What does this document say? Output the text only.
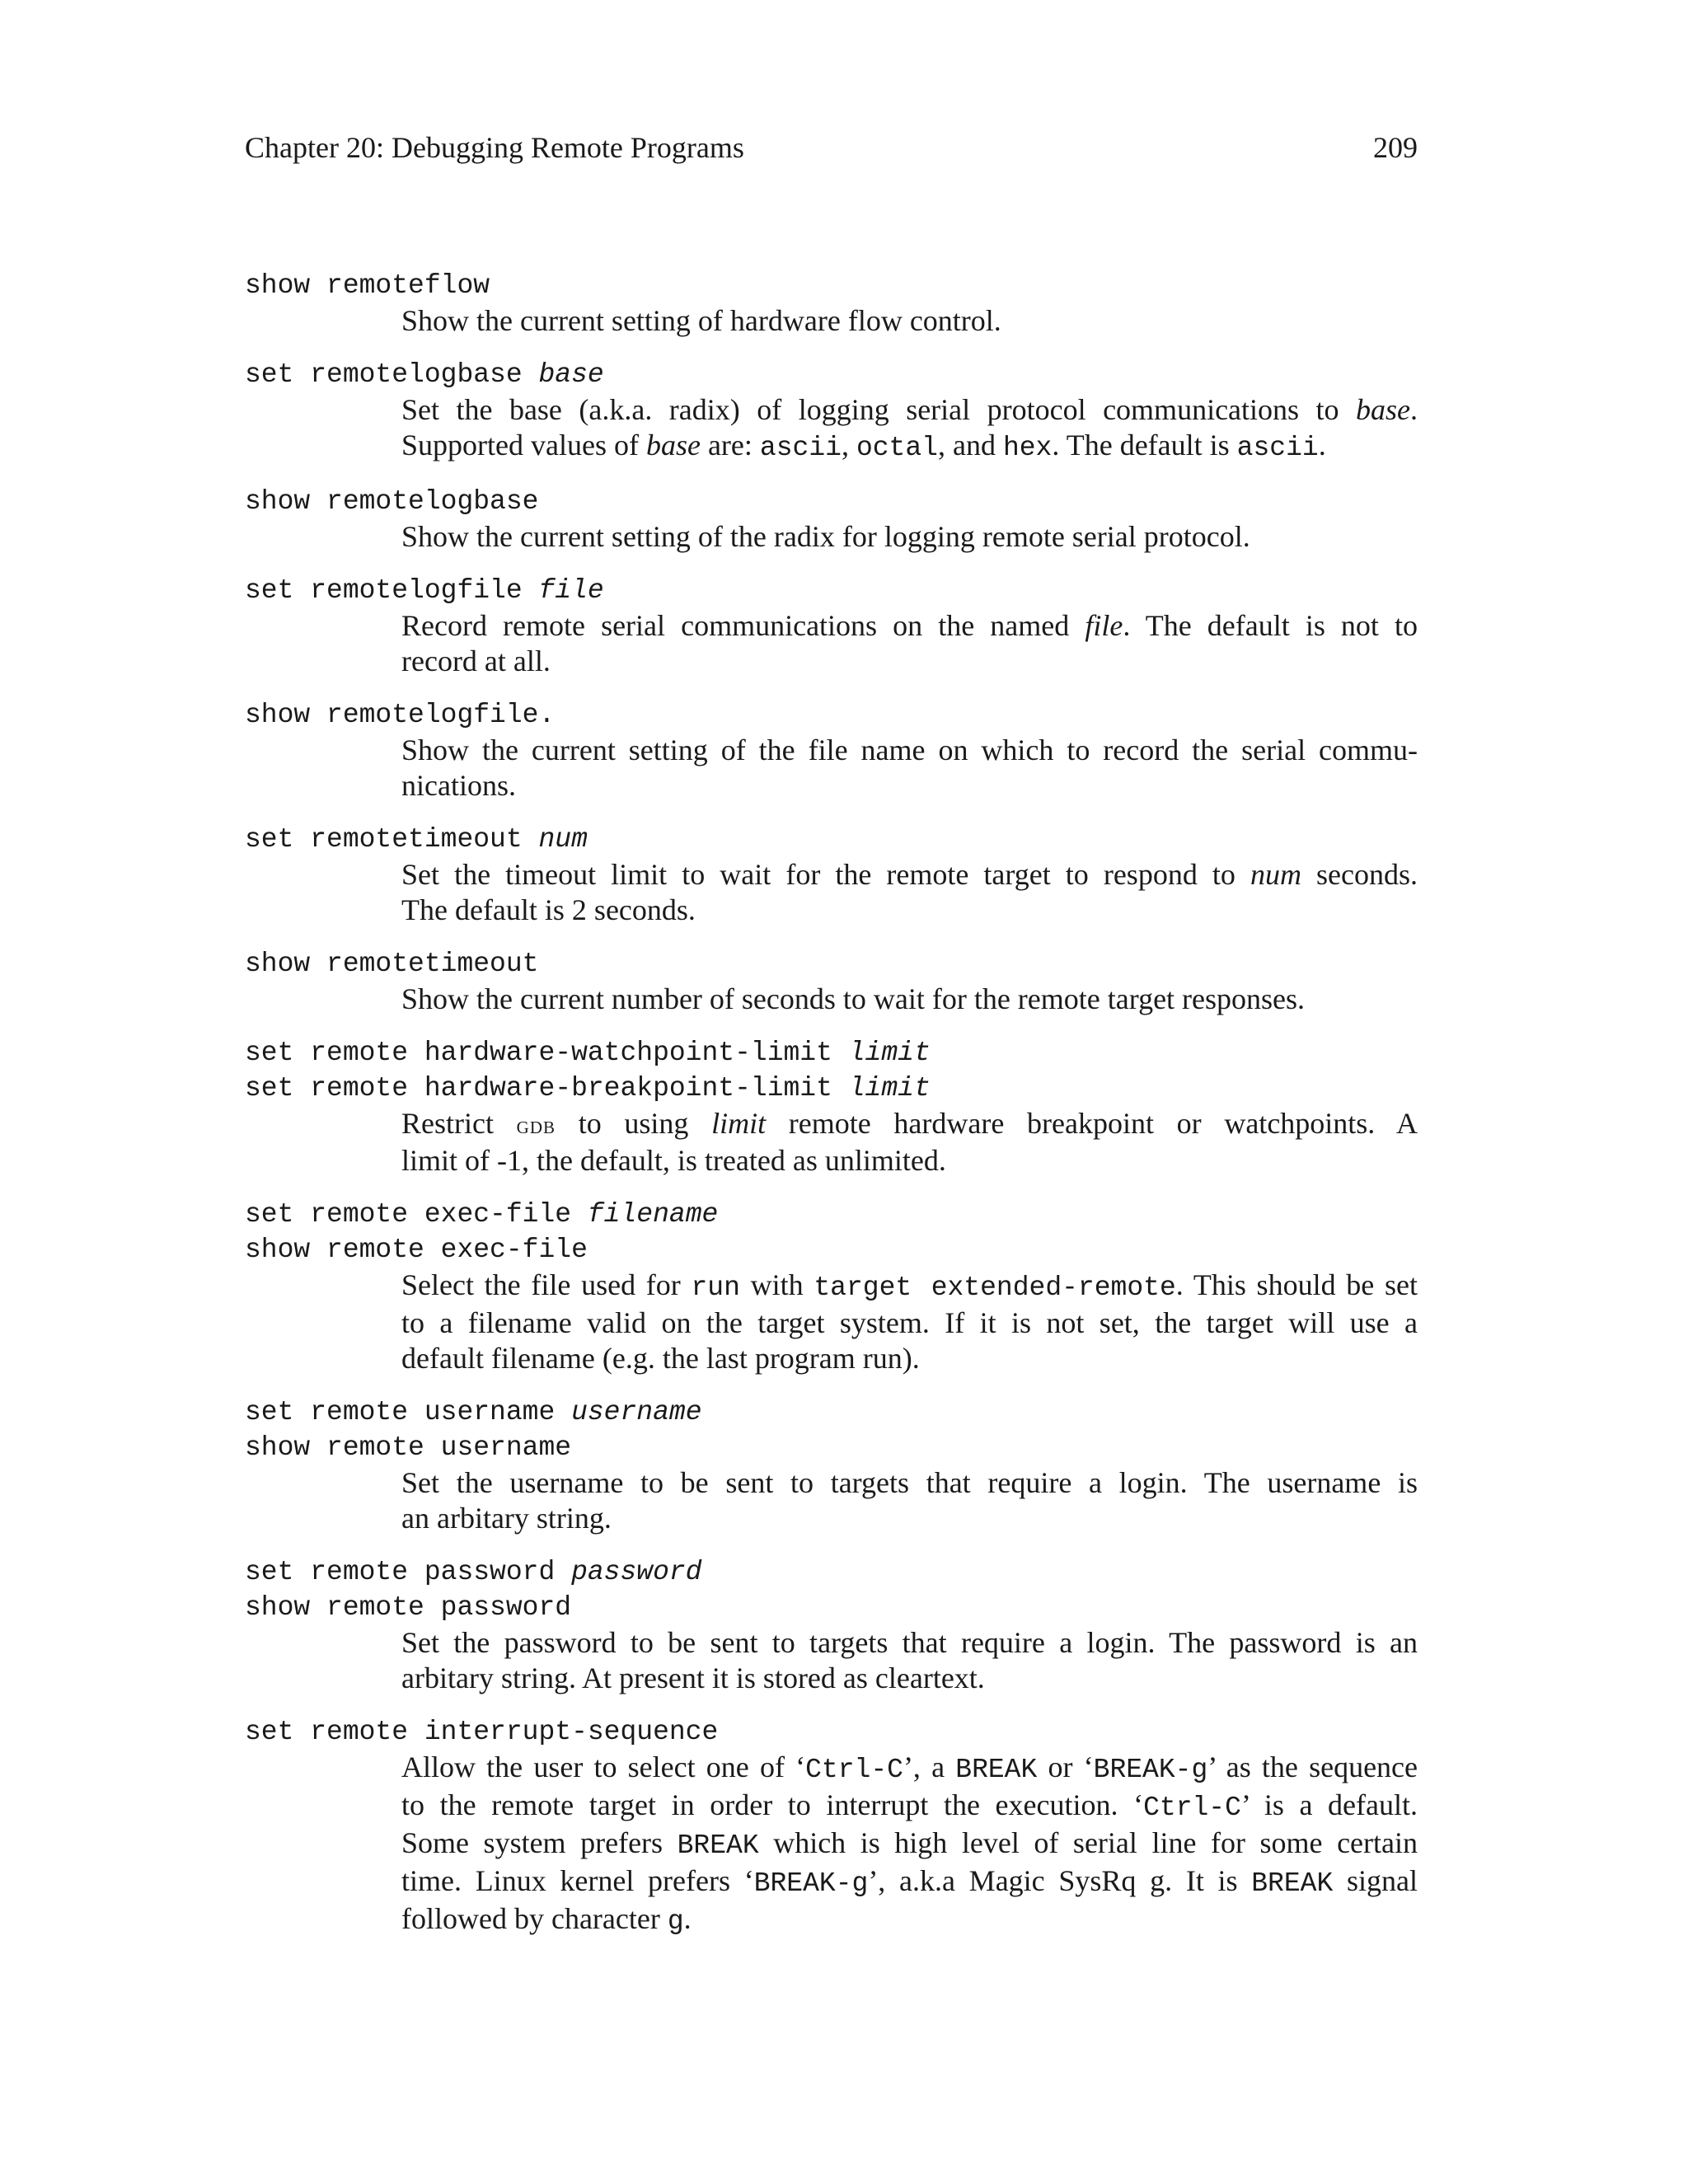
Chapter 20: Debugging Remote Programs	209
show remoteflow
Show the current setting of hardware flow control.
set remotelogbase base
Set the base (a.k.a. radix) of logging serial protocol communications to base.
Supported values of base are: ascii, octal, and hex. The default is ascii.
show remotelogbase
Show the current setting of the radix for logging remote serial protocol.
set remotelogfile file
Record remote serial communications on the named file. The default is not to
record at all.
show remotelogfile.
Show the current setting of the file name on which to record the serial commu-
nications.
set remotetimeout num
Set the timeout limit to wait for the remote target to respond to num seconds.
The default is 2 seconds.
show remotetimeout
Show the current number of seconds to wait for the remote target responses.
set remote hardware-watchpoint-limit limit
set remote hardware-breakpoint-limit limit
Restrict gdb to using limit remote hardware breakpoint or watchpoints. A
limit of -1, the default, is treated as unlimited.
set remote exec-file filename
show remote exec-file
Select the file used for run with target extended-remote. This should be set
to a filename valid on the target system. If it is not set, the target will use a
default filename (e.g. the last program run).
set remote username username
show remote username
Set the username to be sent to targets that require a login. The username is
an arbitary string.
set remote password password
show remote password
Set the password to be sent to targets that require a login. The password is an
arbitary string. At present it is stored as cleartext.
set remote interrupt-sequence
Allow the user to select one of ‘Ctrl-C’, a BREAK or ‘BREAK-g’ as the sequence
to the remote target in order to interrupt the execution. ‘Ctrl-C’ is a default.
Some system prefers BREAK which is high level of serial line for some certain
time. Linux kernel prefers ‘BREAK-g’, a.k.a Magic SysRq g. It is BREAK signal
followed by character g.
